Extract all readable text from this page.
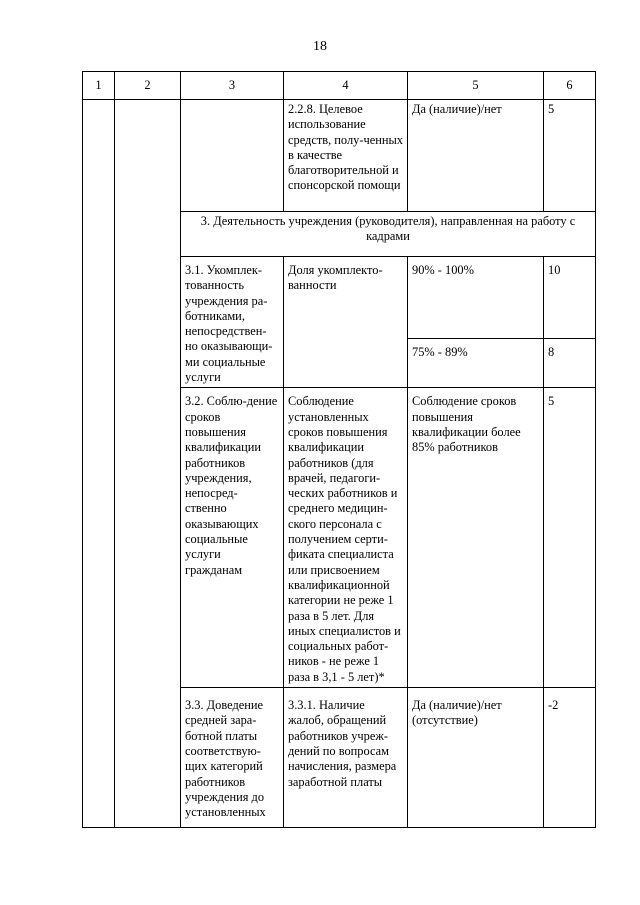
18
1	2	3	4	5	6
			2.2.8. Целевое использование средств, полу-ченных в качестве благотворительной и спонсорской помощи	Да (наличие)/нет	5
		3. Деятельность учреждения (руководителя), направленная на работу с кадрами			
		3.1. Укомплек-тованность учреждения ра-ботниками, непосредствен-но оказывающи-ми социальные услуги	Доля укомплекто-ванности	90% - 100%	10
				75% - 89%	8
		3.2. Соблю-дение сроков повышения квалификации работников учреждения, непосред-ственно оказывающих социальные услуги гражданам	Соблюдение установленных сроков повышения квалификации работников (для врачей, педагоги-ческих работников и среднего медицин-ского персонала с получением серти-фиката специалиста или присвоением квалификационной категории не реже 1 раза в 5 лет. Для иных специалистов и социальных работ-ников - не реже 1 раза в 3,1 - 5 лет)*	Соблюдение сроков повышения квалификации более 85% работников	5
		3.3. Доведение средней зара-ботной платы соответствую-щих категорий работников учреждения до установленных	3.3.1. Наличие жалоб, обращений работников учреж-дений по вопросам начисления, размера заработной платы	Да (наличие)/нет (отсутствие)	-2
